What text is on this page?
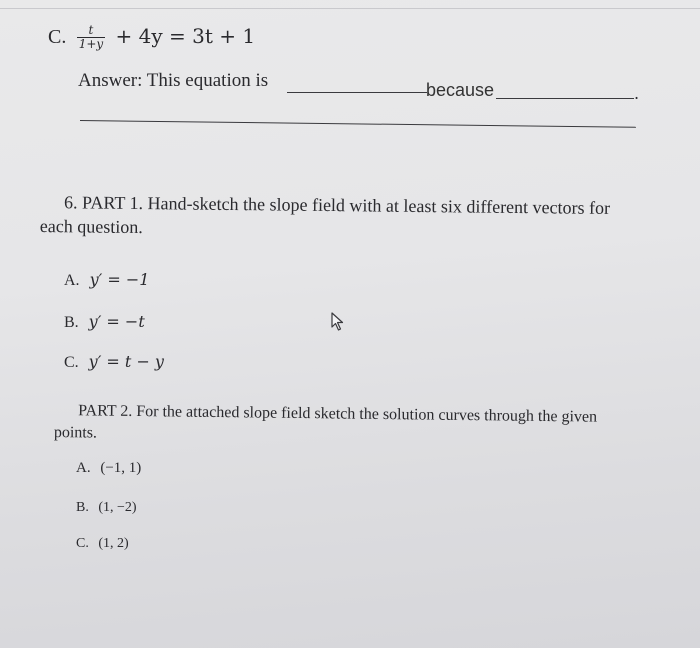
C. $\frac{t}{1+y} + 4y = 3t + 1$
Answer: This equation is	because	.
6. PART 1. Hand-sketch the slope field with at least six different vectors for each question.
A. y′ = −1
B. y′ = −t
C. y′ = t − y
PART 2. For the attached slope field sketch the solution curves through the given points.
A. (−1, 1)
B. (1, −2)
C. (1, 2)
